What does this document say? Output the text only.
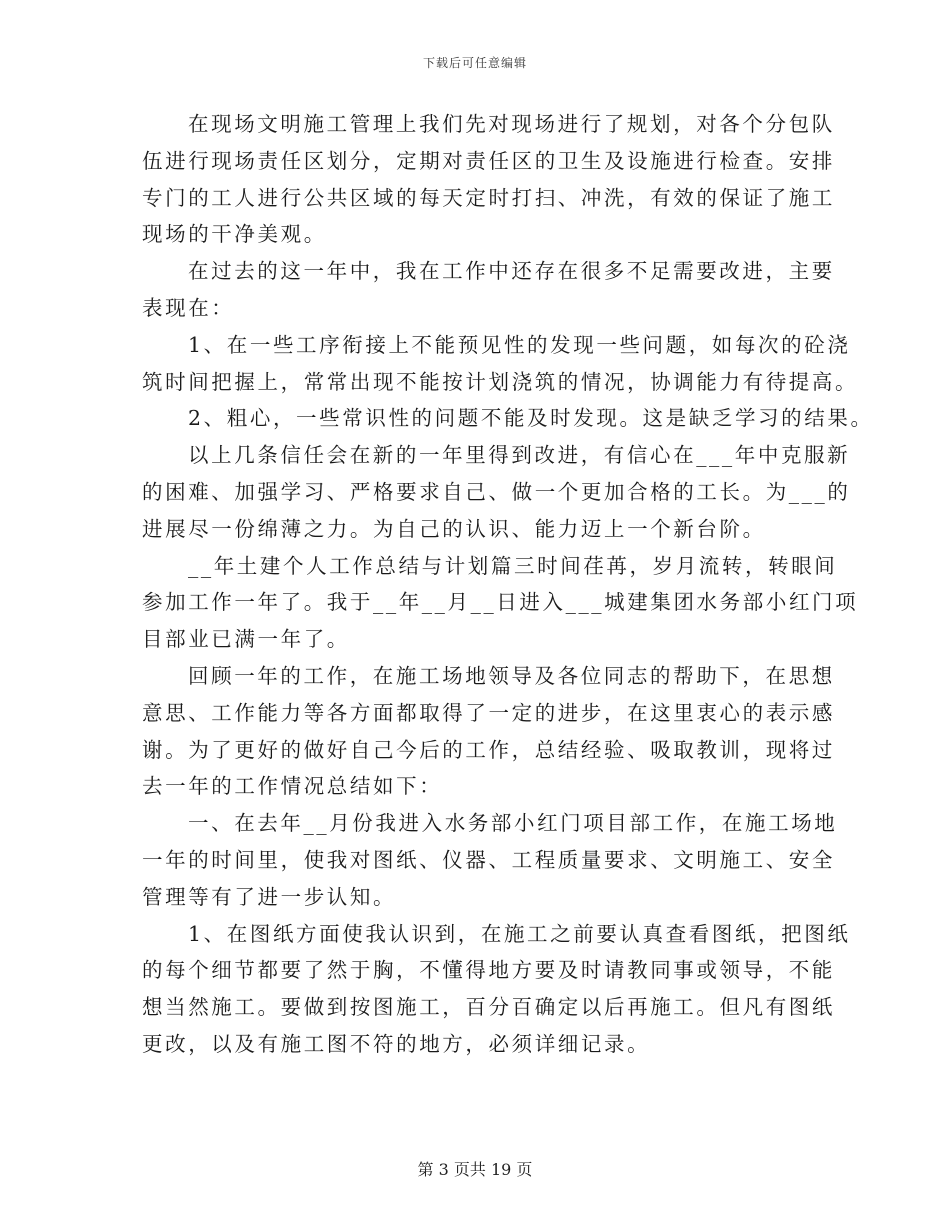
下载后可任意编辑
在现场文明施工管理上我们先对现场进行了规划，对各个分包队
伍进行现场责任区划分，定期对责任区的卫生及设施进行检查。安排
专门的工人进行公共区域的每天定时打扫、冲洗，有效的保证了施工
现场的干净美观。
在过去的这一年中，我在工作中还存在很多不足需要改进，主要
表现在：
1、在一些工序衔接上不能预见性的发现一些问题，如每次的砼浇
筑时间把握上，常常出现不能按计划浇筑的情况，协调能力有待提高。
2、粗心，一些常识性的问题不能及时发现。这是缺乏学习的结果。
以上几条信任会在新的一年里得到改进，有信心在___年中克服新
的困难、加强学习、严格要求自己、做一个更加合格的工长。为___的
进展尽一份绵薄之力。为自己的认识、能力迈上一个新台阶。
__年土建个人工作总结与计划篇三时间荏苒，岁月流转，转眼间
参加工作一年了。我于__年__月__日进入___城建集团水务部小红门项
目部业已满一年了。
回顾一年的工作，在施工场地领导及各位同志的帮助下，在思想
意思、工作能力等各方面都取得了一定的进步，在这里衷心的表示感
谢。为了更好的做好自己今后的工作，总结经验、吸取教训，现将过
去一年的工作情况总结如下：
一、在去年__月份我进入水务部小红门项目部工作，在施工场地
一年的时间里，使我对图纸、仪器、工程质量要求、文明施工、安全
管理等有了进一步认知。
1、在图纸方面使我认识到，在施工之前要认真查看图纸，把图纸
的每个细节都要了然于胸，不懂得地方要及时请教同事或领导，不能
想当然施工。要做到按图施工，百分百确定以后再施工。但凡有图纸
更改，以及有施工图不符的地方，必须详细记录。
第 3 页共 19 页
